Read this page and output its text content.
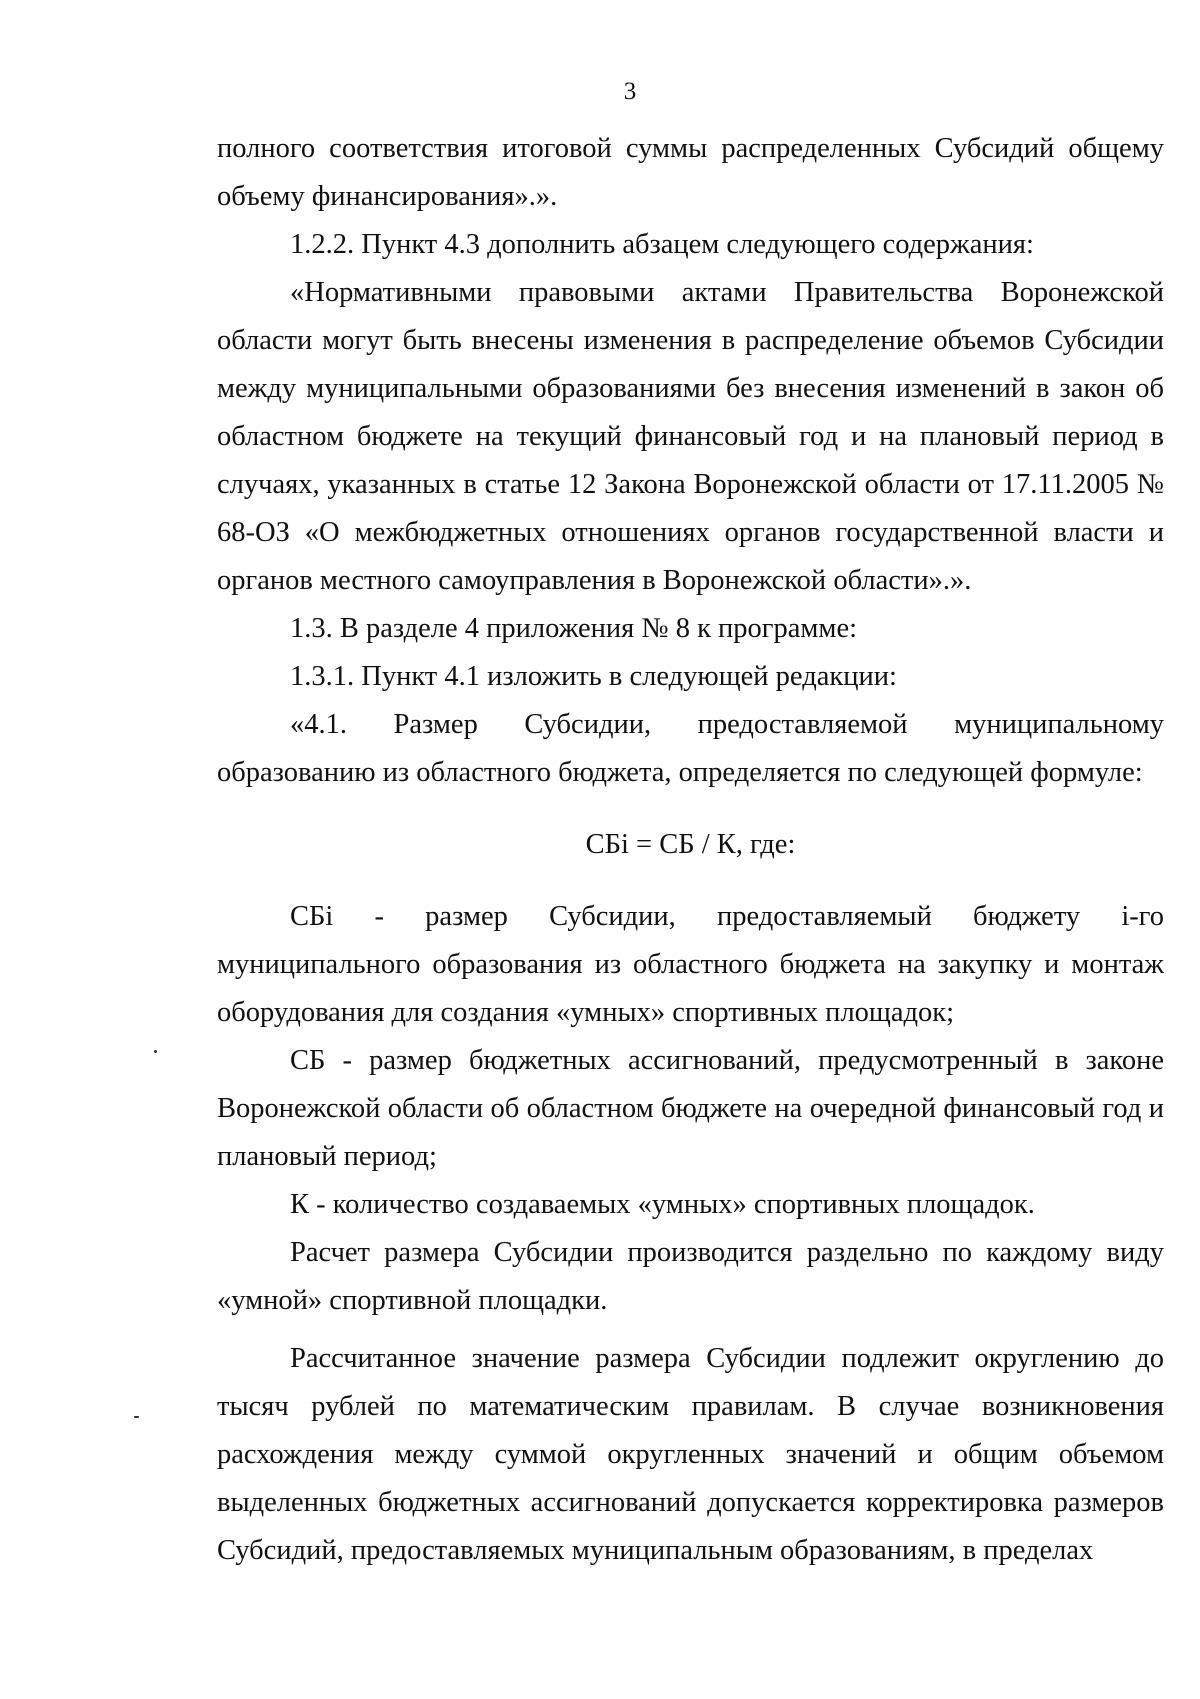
3

полного соответствия итоговой суммы распределенных Субсидий общему объему финансирования».».

1.2.2. Пункт 4.3 дополнить абзацем следующего содержания:

«Нормативными правовыми актами Правительства Воронежской области могут быть внесены изменения в распределение объемов Субсидии между муниципальными образованиями без внесения изменений в закон об областном бюджете на текущий финансовый год и на плановый период в случаях, указанных в статье 12 Закона Воронежской области от 17.11.2005 № 68-ОЗ «О межбюджетных отношениях органов государственной власти и органов местного самоуправления в Воронежской области».».

1.3. В разделе 4 приложения № 8 к программе:

1.3.1. Пункт 4.1 изложить в следующей редакции:

«4.1. Размер Субсидии, предоставляемой муниципальному образованию из областного бюджета, определяется по следующей формуле:

СБi = СБ / К, где:

СБi - размер Субсидии, предоставляемый бюджету i-го муниципального образования из областного бюджета на закупку и монтаж оборудования для создания «умных» спортивных площадок;

СБ - размер бюджетных ассигнований, предусмотренный в законе Воронежской области об областном бюджете на очередной финансовый год и плановый период;

К - количество создаваемых «умных» спортивных площадок.

Расчет размера Субсидии производится раздельно по каждому виду «умной» спортивной площадки.

Рассчитанное значение размера Субсидии подлежит округлению до тысяч рублей по математическим правилам. В случае возникновения расхождения между суммой округленных значений и общим объемом выделенных бюджетных ассигнований допускается корректировка размеров Субсидий, предоставляемых муниципальным образованиям, в пределах
